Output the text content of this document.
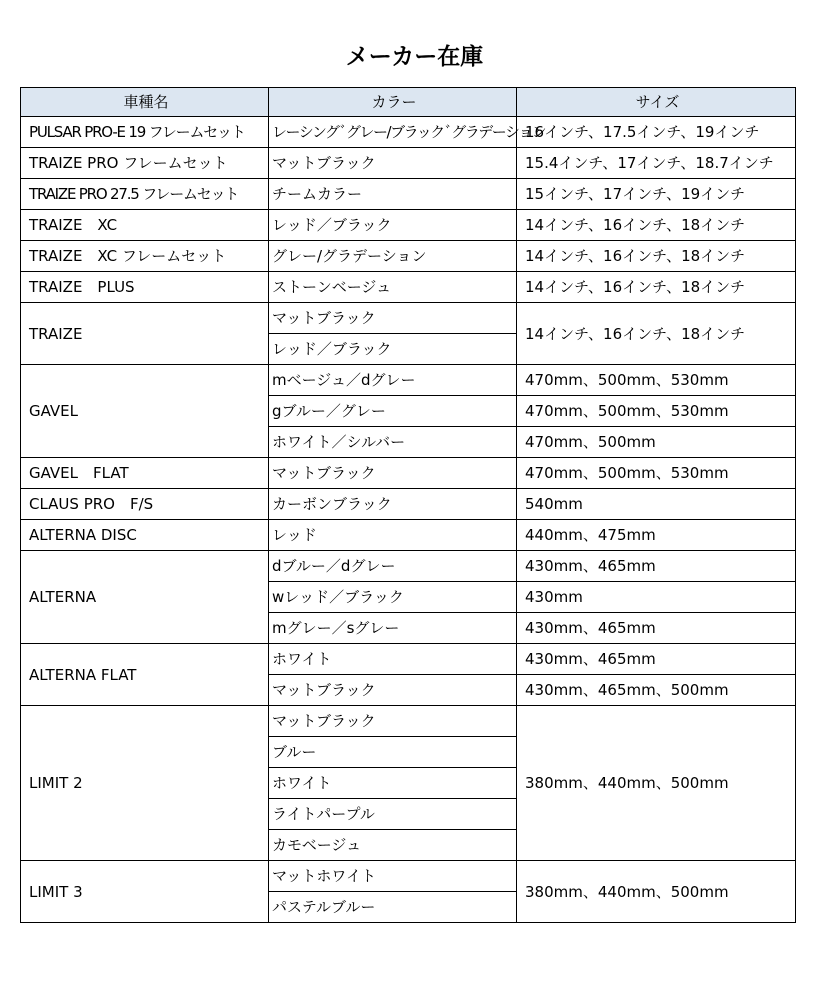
メーカー在庫
車種名	カラー	サイズ
PULSAR PRO-E 19 フレームセット	レーシングﾞグレー/ブラックﾞグラデーション	16インチ、17.5インチ、19インチ
TRAIZE PRO フレームセット	マットブラック	15.4インチ、17インチ、18.7インチ
TRAIZE PRO 27.5 フレームセット	チームカラー	15インチ、17インチ、19インチ
TRAIZE　XC	レッド／ブラック	14インチ、16インチ、18インチ
TRAIZE　XC フレームセット	グレー/グラデーション	14インチ、16インチ、18インチ
TRAIZE　PLUS	ストーンベージュ	14インチ、16インチ、18インチ
TRAIZE	マットブラック	14インチ、16インチ、18インチ
	レッド／ブラック	
GAVEL	mベージュ／dグレー	470mm、500mm、530mm
	gブルー／グレー	470mm、500mm、530mm
	ホワイト／シルバー	470mm、500mm
GAVEL　FLAT	マットブラック	470mm、500mm、530mm
CLAUS PRO　F/S	カーボンブラック	540mm
ALTERNA DISC	レッド	440mm、475mm
ALTERNA	dブルー／dグレー	430mm、465mm
	wレッド／ブラック	430mm
	mグレー／sグレー	430mm、465mm
ALTERNA FLAT	ホワイト	430mm、465mm
	マットブラック	430mm、465mm、500mm
LIMIT 2	マットブラック	380mm、440mm、500mm
	ブルー	
	ホワイト	
	ライトパープル	
	カモベージュ	
LIMIT 3	マットホワイト	380mm、440mm、500mm
	パステルブルー	
